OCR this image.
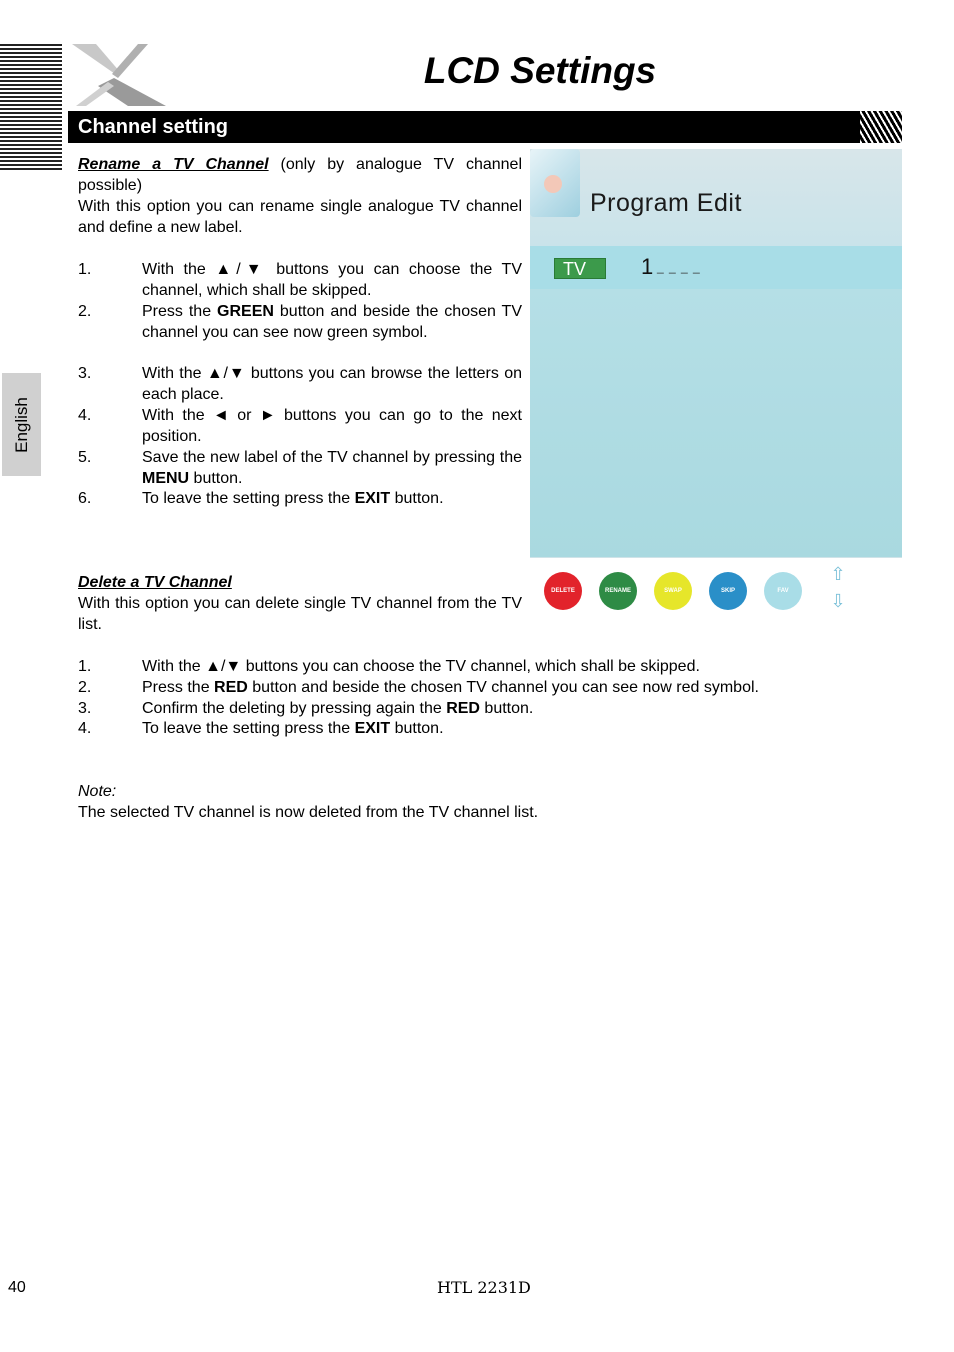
LCD Settings
Channel setting
English
Rename a TV Channel (only by analogue TV channel possible)
With this option you can rename single analogue TV channel and define a new label.
1.	With the ▲/▼ buttons you can choose the TV channel, which shall be skipped.
2.	Press the GREEN button and beside the chosen TV channel you can see now green symbol.
3.	With the ▲/▼ buttons you can browse the letters on each place.
4.	With the ◄ or ► buttons you can go to the next position.
5.	Save the new label of the TV channel by pressing the MENU button.
6.	To leave the setting press the EXIT button.
Delete a TV Channel
With this option you can delete single TV channel from the TV list.
1.	With the ▲/▼ buttons you can choose the TV channel, which shall be skipped.
2.	Press the RED button and beside the chosen TV channel you can see now red symbol.
3.	Confirm the deleting by pressing again the RED button.
4.	To leave the setting press the EXIT button.
Note:
The selected TV channel is now deleted from the TV channel list.
Program Edit
TV	1 _ _ _ _
DELETE	RENAME	SWAP	SKIP	FAV
⇧
⇩
40	HTL 2231D
